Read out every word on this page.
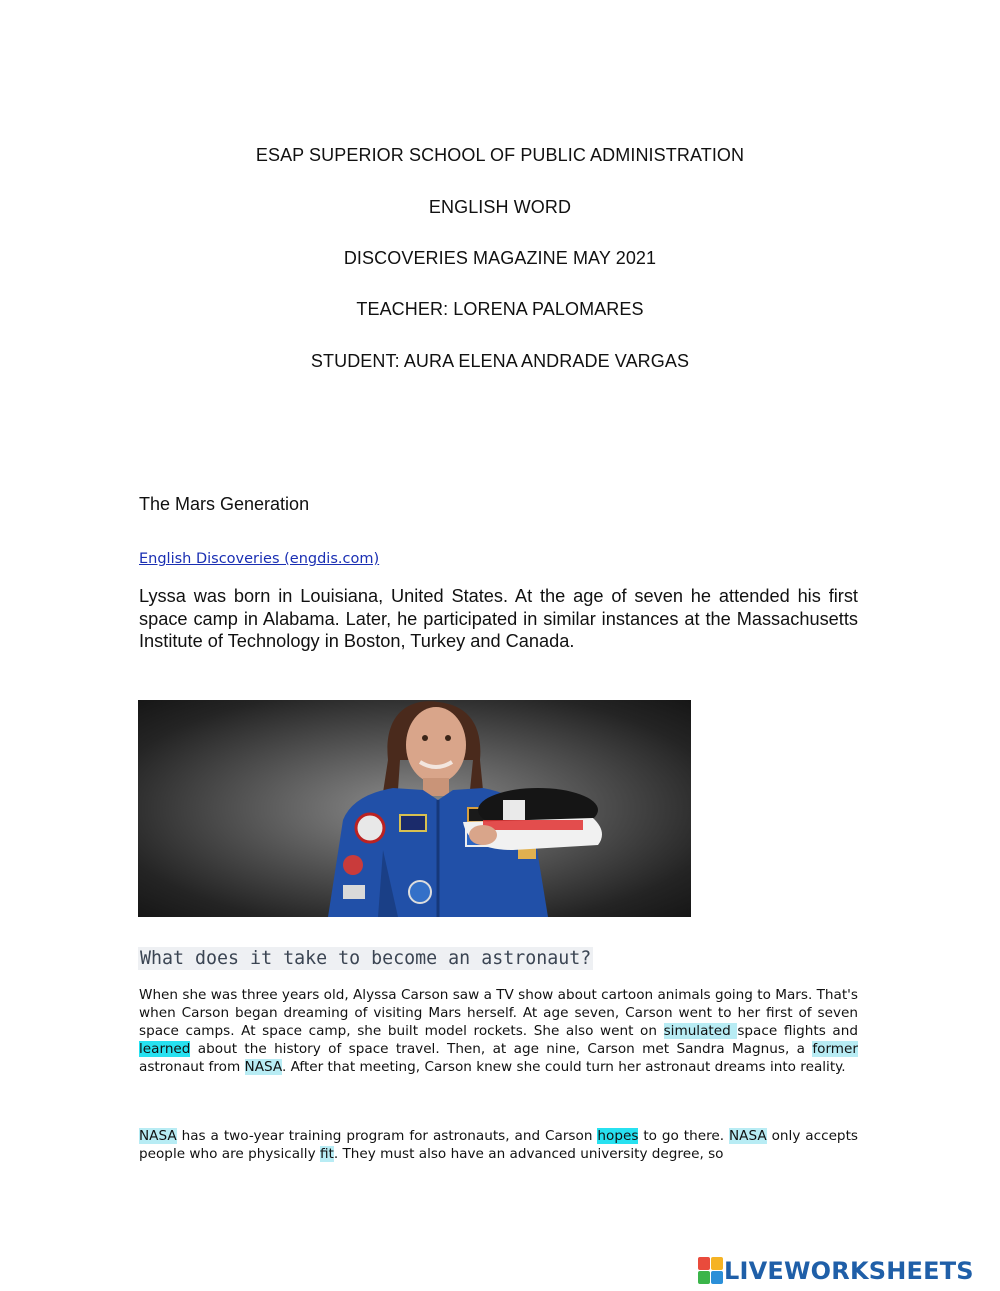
ESAP SUPERIOR SCHOOL OF PUBLIC ADMINISTRATION
ENGLISH WORD
DISCOVERIES MAGAZINE MAY 2021
TEACHER: LORENA PALOMARES
STUDENT: AURA ELENA ANDRADE VARGAS
The Mars Generation
English Discoveries (engdis.com)
Lyssa was born in Louisiana, United States. At the age of seven he attended his first space camp in Alabama. Later, he participated in similar instances at the Massachusetts Institute of Technology in Boston, Turkey and Canada.
What does it take to become an astronaut?
When she was three years old, Alyssa Carson saw a TV show about cartoon animals going to Mars. That's when Carson began dreaming of visiting Mars herself. At age seven, Carson went to her first of seven space camps. At space camp, she built model rockets. She also went on simulated space flights and learned about the history of space travel. Then, at age nine, Carson met Sandra Magnus, a former astronaut from NASA. After that meeting, Carson knew she could turn her astronaut dreams into reality.
NASA has a two-year training program for astronauts, and Carson hopes to go there. NASA only accepts people who are physically fit. They must also have an advanced university degree, so
LIVEWORKSHEETS
